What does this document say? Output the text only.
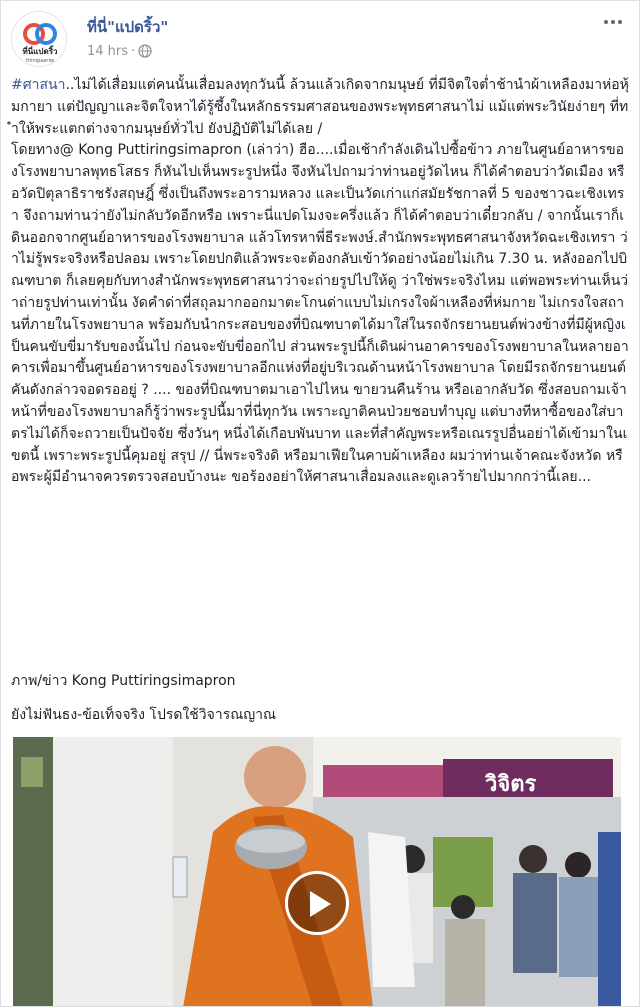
ที่นี่แปดริ้ว
thinipaeriw
ที่นี่"แปดริ้ว"
14 hrs ·

#ศาสนา..ไม่ได้เสื่อมแต่คนนั้นเสื่อมลงทุกวันนี้ ล้วนแล้วเกิดจากมนุษย์ ที่มีจิตใจต่ำช้านำผ้าเหลืองมาห่อหุ้มกายา แต่ปัญญาและจิตใจหาได้รู้ซึ้งในหลักธรรมศาสอนของพระพุทธศาสนาไม่ แม้แต่พระวินัยง่ายๆ ที่ทำให้พระแตกต่างจากมนุษย์ทั่วไป ยังปฏิบัติไม่ได้เลย /

โดยทาง@ Kong Puttiringsimapron (เล่าว่า) ฮือ....เมื่อเช้ากำลังเดินไปซื้อข้าว ภายในศูนย์อาหารของโรงพยาบาลพุทธโสธร ก็หันไปเห็นพระรูปหนึ่ง จึงหันไปถามว่าท่านอยู่วัดไหน ก็ได้คำตอบว่าวัดเมือง หรือวัดปิตุลาธิราชรังสฤษฎิ์ ซึ่งเป็นถึงพระอารามหลวง และเป็นวัดเก่าแก่สมัยรัชกาลที่ 5 ของชาวฉะเชิงเทรา จึงถามท่านว่ายังไม่กลับวัดอีกหรือ เพราะนี่แปดโมงจะครึ่งแล้ว ก็ได้คำตอบว่าเดี๋ยวกลับ / จากนั้นเราก็เดินออกจากศูนย์อาหารของโรงพยาบาล แล้วโทรหาพี่ธีระพงษ์.สำนักพระพุทธศาสนาจังหวัดฉะเชิงเทรา ว่าไม่รู้พระจริงหรือปลอม เพราะโดยปกติแล้วพระจะต้องกลับเข้าวัดอย่างน้อยไม่เกิน 7.30 น. หลังออกไปบิณฑบาต ก็เลยคุยกับทางสำนักพระพุทธศาสนาว่าจะถ่ายรูปไปให้ดู ว่าใช่พระจริงไหม แต่พอพระท่านเห็นว่าถ่ายรูปท่านเท่านั้น งัดคำด่าที่สถุลมากออกมาตะโกนด่าแบบไม่เกรงใจผ้าเหลืองที่ห่มกาย ไม่เกรงใจสถานที่ภายในโรงพยาบาล พร้อมกับนำกระสอบของที่บิณฑบาตได้มาใส่ในรถจักรยานยนต์พ่วงข้างที่มีผู้หญิงเป็นคนขับขี่มารับของนั้นไป ก่อนจะขับขี่ออกไป ส่วนพระรูปนี้ก็เดินผ่านอาคารของโรงพยาบาลในหลายอาคารเพื่อมาขึ้นศูนย์อาหารของโรงพยาบาลอีกแห่งที่อยู่บริเวณด้านหน้าโรงพยาบาล โดยมีรถจักรยานยนต์คันดังกล่าวจอดรออยู่ ? .... ของที่บิณฑบาตมาเอาไปไหน ขายวนคืนร้าน หรือเอากลับวัด ซึ่งสอบถามเจ้าหน้าที่ของโรงพยาบาลก็รู้ว่าพระรูปนี้มาที่นี่ทุกวัน เพราะญาติคนป่วยชอบทำบุญ แต่บางทีหาซื้อของใส่บาตรไม่ได้ก็จะถวายเป็นปัจจัย ซึ่งวันๆ หนึ่งได้เกือบพันบาท และที่สำคัญพระหรือเณรรูปอื่นอย่าได้เข้ามาในเขตนี้ เพราะพระรูปนี้คุมอยู่ สรุป // นี่พระจริงดิ หรือมาเฟียในคาบผ้าเหลือง ผมว่าท่านเจ้าคณะจังหวัด หรือพระผู้มีอำนาจควรตรวจสอบบ้างนะ ขอร้องอย่าให้ศาสนาเสื่อมลงและดูเลวร้ายไปมากกว่านี้เลย...

ภาพ/ข่าว Kong Puttiringsimapron
ยังไม่ฟันธง-ข้อเท็จจริง โปรดใช้วิจารณญาณ
วิจิตร
